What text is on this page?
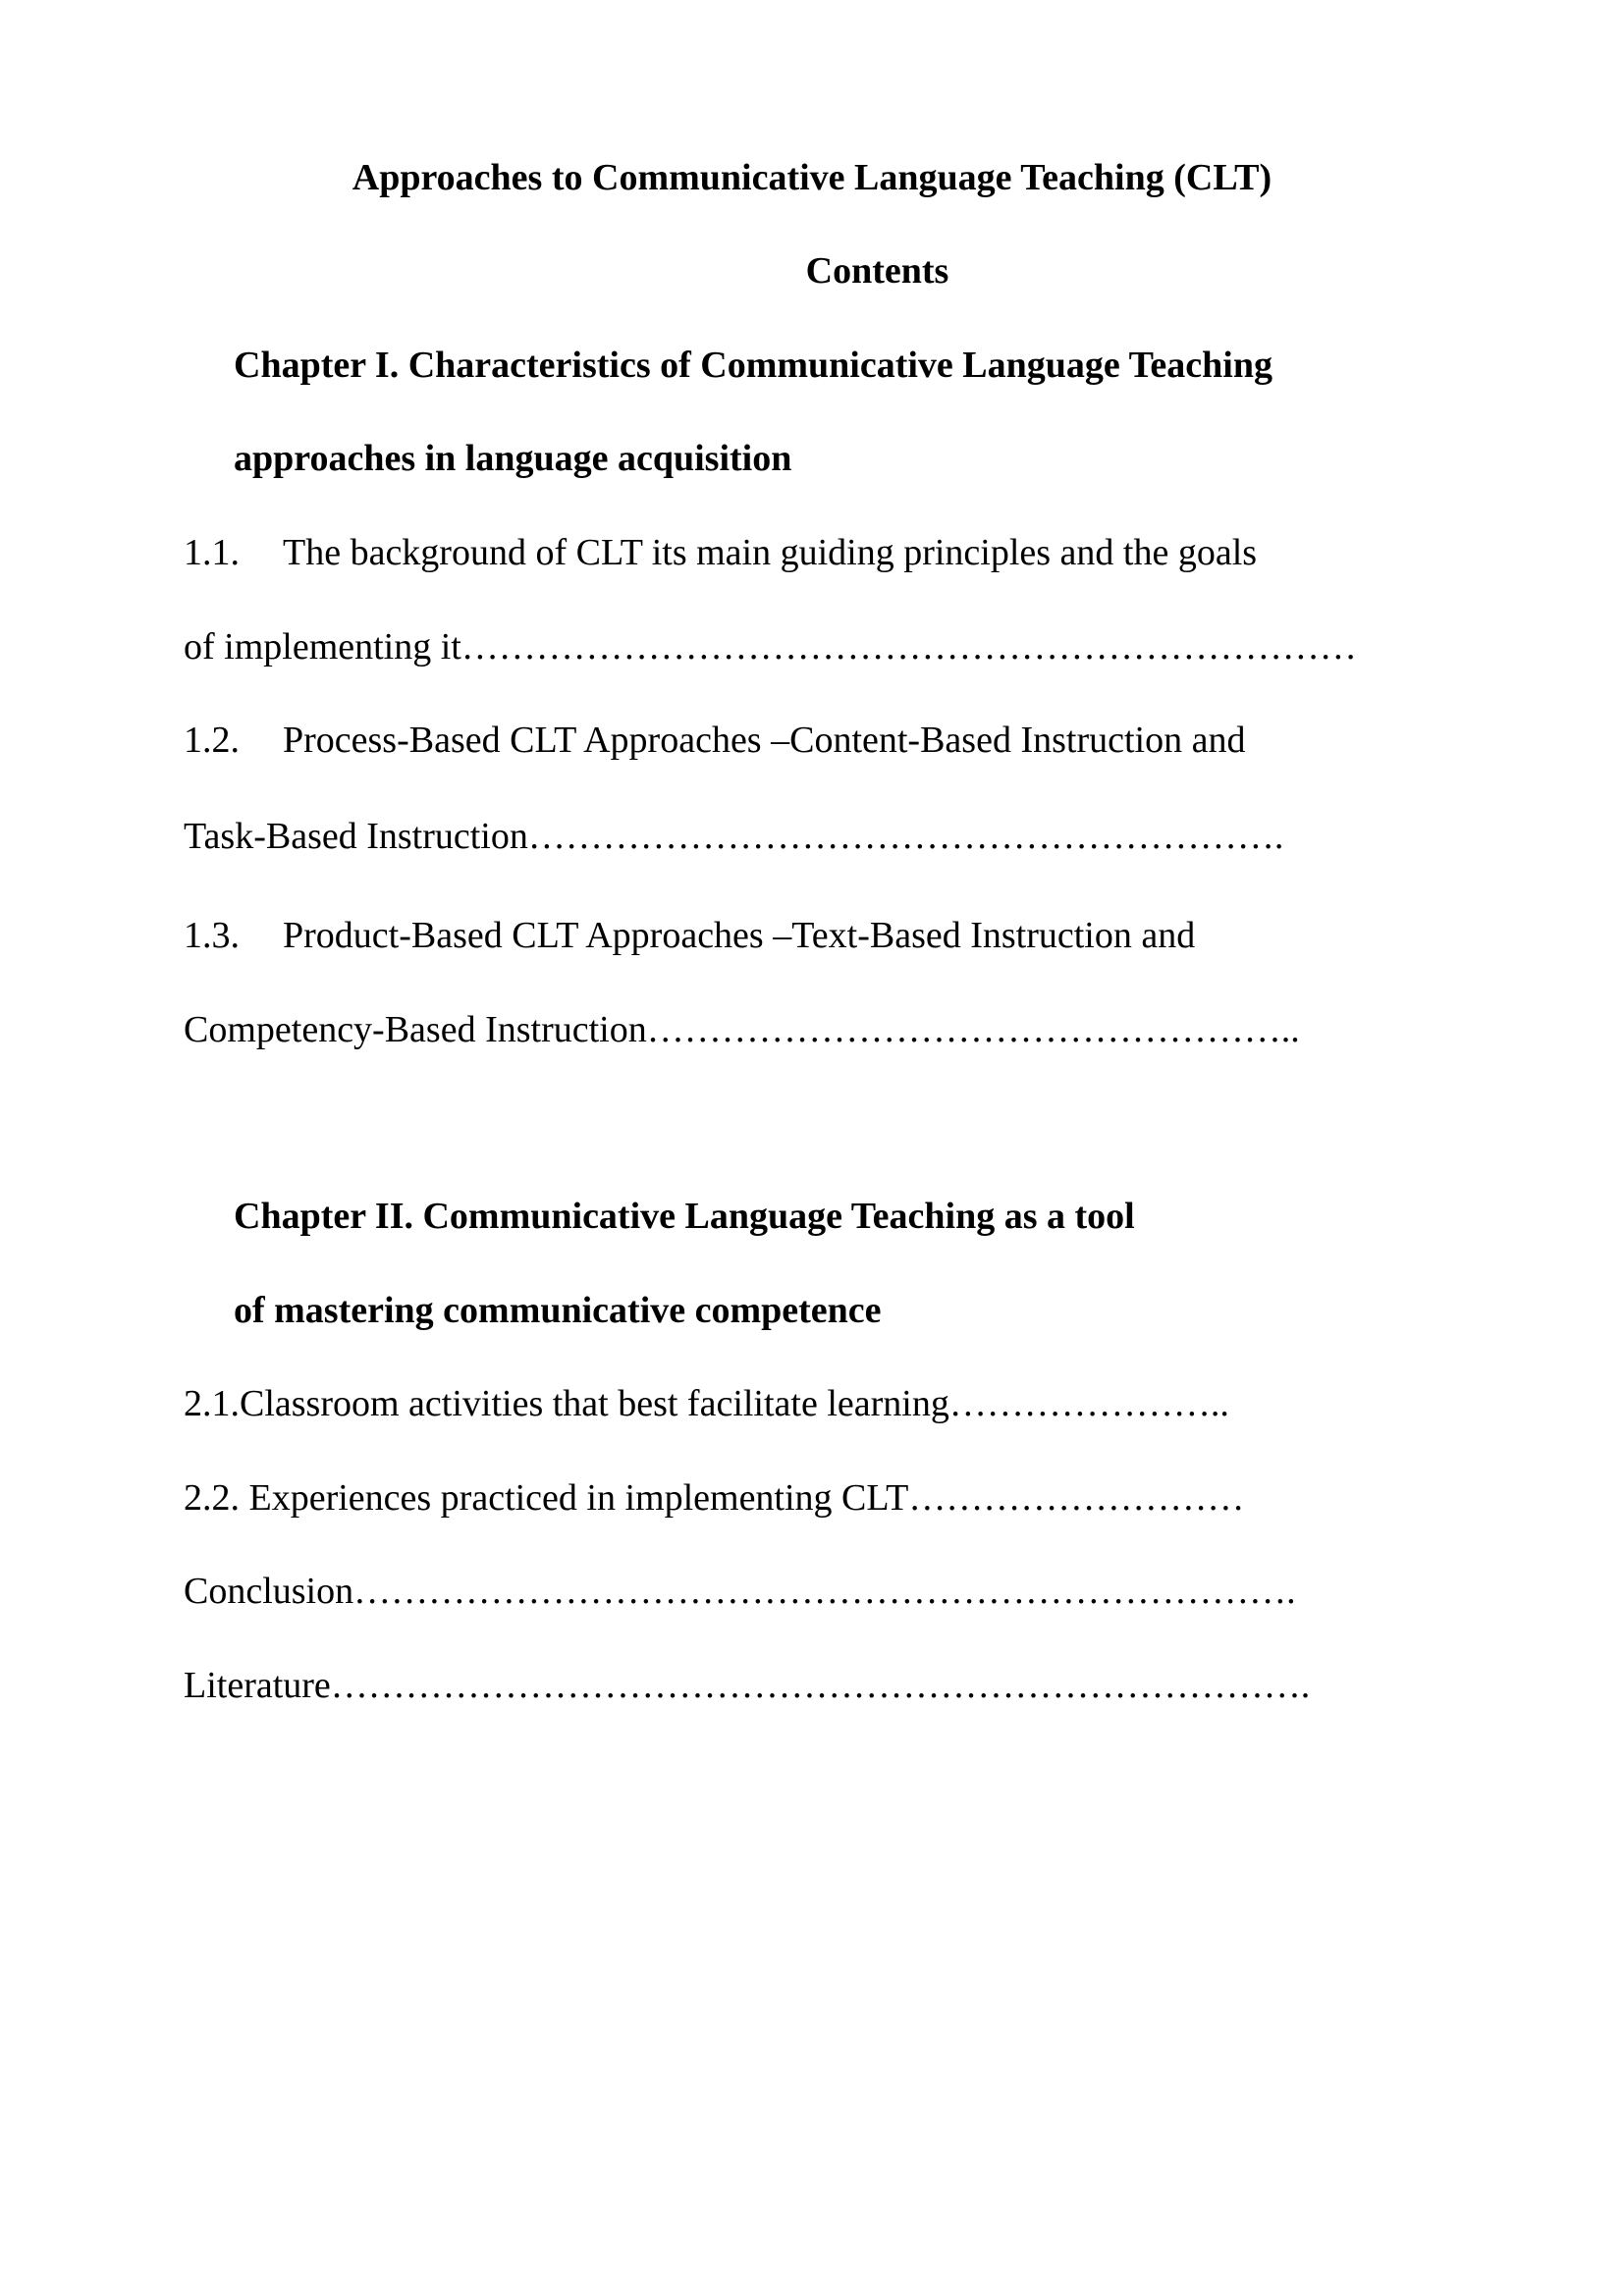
Approaches to Communicative Language Teaching (CLT)
Contents
Chapter I. Characteristics of Communicative Language Teaching
approaches in language acquisition
1.1. The background of CLT its main guiding principles and the goals
of implementing it………………………………………………………………
1.2. Process-Based CLT Approaches –Content-Based Instruction and
Task‑Based Instruction…………………………………………………….
1.3. Product-Based CLT Approaches –Text-Based Instruction and
Competency-Based Instruction……………………………………………..
Chapter II. Communicative Language Teaching as a tool
of mastering communicative competence
2.1.Classroom activities that best facilitate learning…………………..
2.2. Experiences practiced in implementing CLT………………………
Conclusion………………………………………………………………….
Literature…………………………………………………………………….
